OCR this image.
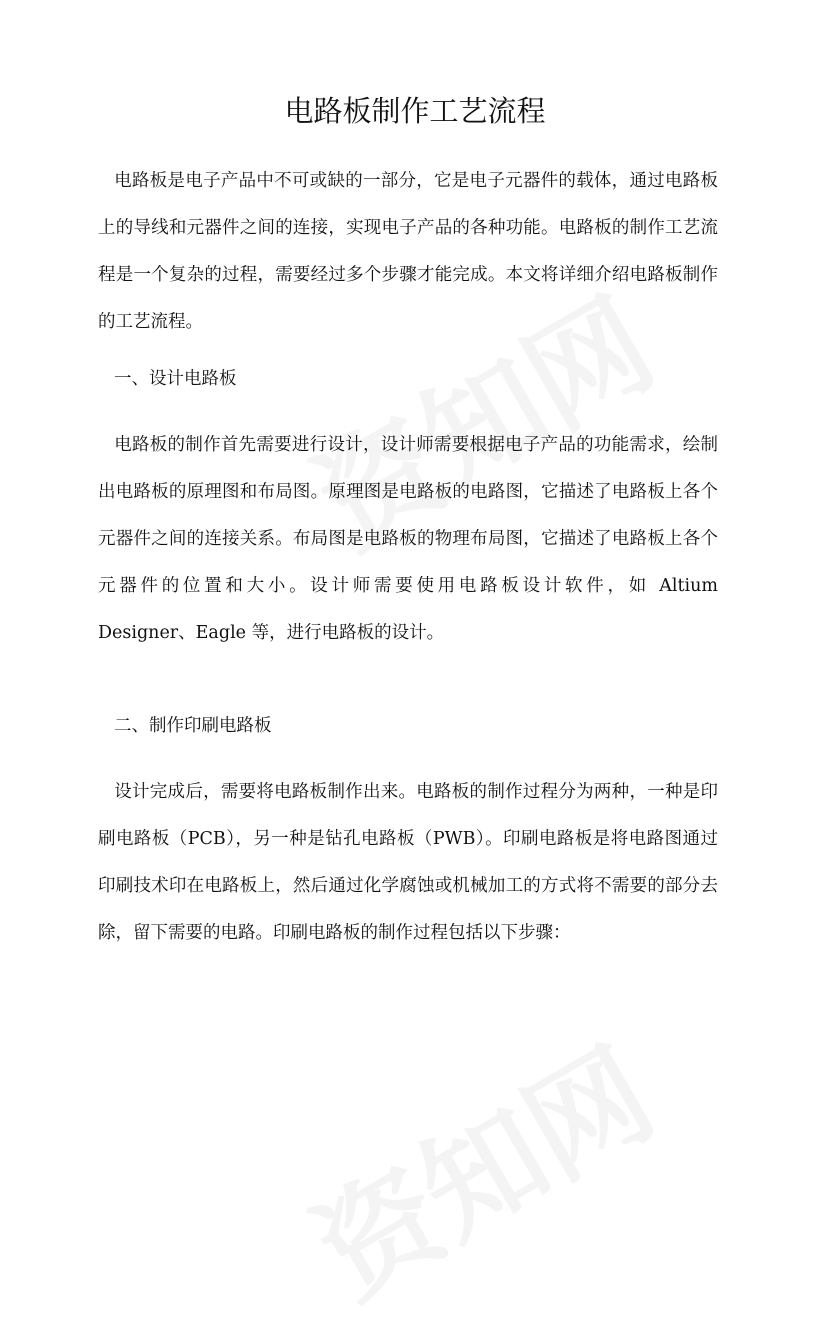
电路板制作工艺流程

电路板是电子产品中不可或缺的一部分，它是电子元器件的载体，通过电路板上的导线和元器件之间的连接，实现电子产品的各种功能。电路板的制作工艺流程是一个复杂的过程，需要经过多个步骤才能完成。本文将详细介绍电路板制作的工艺流程。

一、设计电路板

电路板的制作首先需要进行设计，设计师需要根据电子产品的功能需求，绘制出电路板的原理图和布局图。原理图是电路板的电路图，它描述了电路板上各个元器件之间的连接关系。布局图是电路板的物理布局图，它描述了电路板上各个元器件的位置和大小。设计师需要使用电路板设计软件，如 Altium Designer、Eagle 等，进行电路板的设计。

二、制作印刷电路板

设计完成后，需要将电路板制作出来。电路板的制作过程分为两种，一种是印刷电路板（PCB），另一种是钻孔电路板（PWB）。印刷电路板是将电路图通过印刷技术印在电路板上，然后通过化学腐蚀或机械加工的方式将不需要的部分去除，留下需要的电路。印刷电路板的制作过程包括以下步骤：
